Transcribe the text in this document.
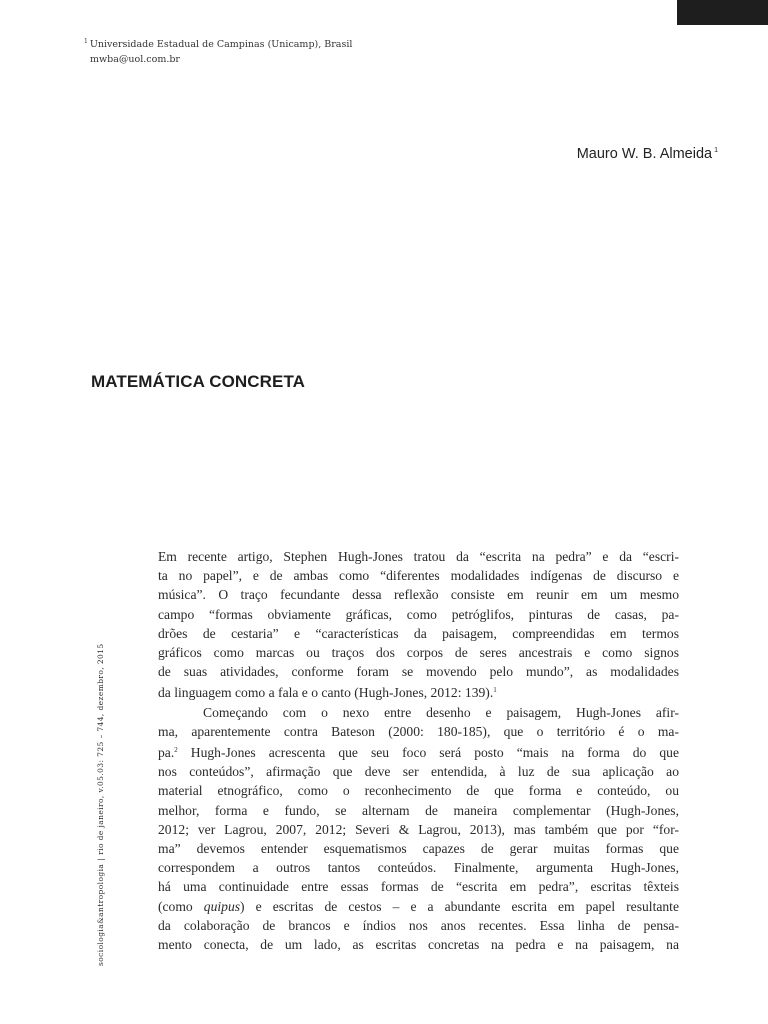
$^1$ Universidade Estadual de Campinas (Unicamp), Brasil
mwba@uol.com.br
Mauro W. B. Almeida $^1$
MATEMÁTICA CONCRETA
sociologia&antropologia|rio de janeiro, v.05.03: 725 – 744, dezembro, 2015
Em recente artigo, Stephen Hugh-Jones tratou da “escrita na pedra” e da “escri-
ta no papel”, e de ambas como “diferentes modalidades indígenas de discurso e
música”. O traço fecundante dessa reflexão consiste em reunir em um mesmo
campo “formas obviamente gráficas, como petróglifos, pinturas de casas, pa-
drões de cestaria” e “características da paisagem, compreendidas em termos
gráficos como marcas ou traços dos corpos de seres ancestrais e como signos
de suas atividades, conforme foram se movendo pelo mundo”, as modalidades
da linguagem como a fala e o canto (Hugh-Jones, 2012: 139).$^1$
Começando com o nexo entre desenho e paisagem, Hugh-Jones afir-
ma, aparentemente contra Bateson (2000: 180-185), que o território é o ma-
pa.$^2$ Hugh-Jones acrescenta que seu foco será posto “mais na forma do que
nos conteúdos”, afirmação que deve ser entendida, à luz de sua aplicação ao
material etnográfico, como o reconhecimento de que forma e conteúdo, ou
melhor, forma e fundo, se alternam de maneira complementar (Hugh-Jones,
2012; ver Lagrou, 2007, 2012; Severi & Lagrou, 2013), mas também que por “for-
ma” devemos entender esquematismos capazes de gerar muitas formas que
correspondem a outros tantos conteúdos. Finalmente, argumenta Hugh-Jones,
há uma continuidade entre essas formas de “escrita em pedra”, escritas têxteis
(como quipus) e escritas de cestos – e a abundante escrita em papel resultante
da colaboração de brancos e índios nos anos recentes. Essa linha de pensa-
mento conecta, de um lado, as escritas concretas na pedra e na paisagem, na
